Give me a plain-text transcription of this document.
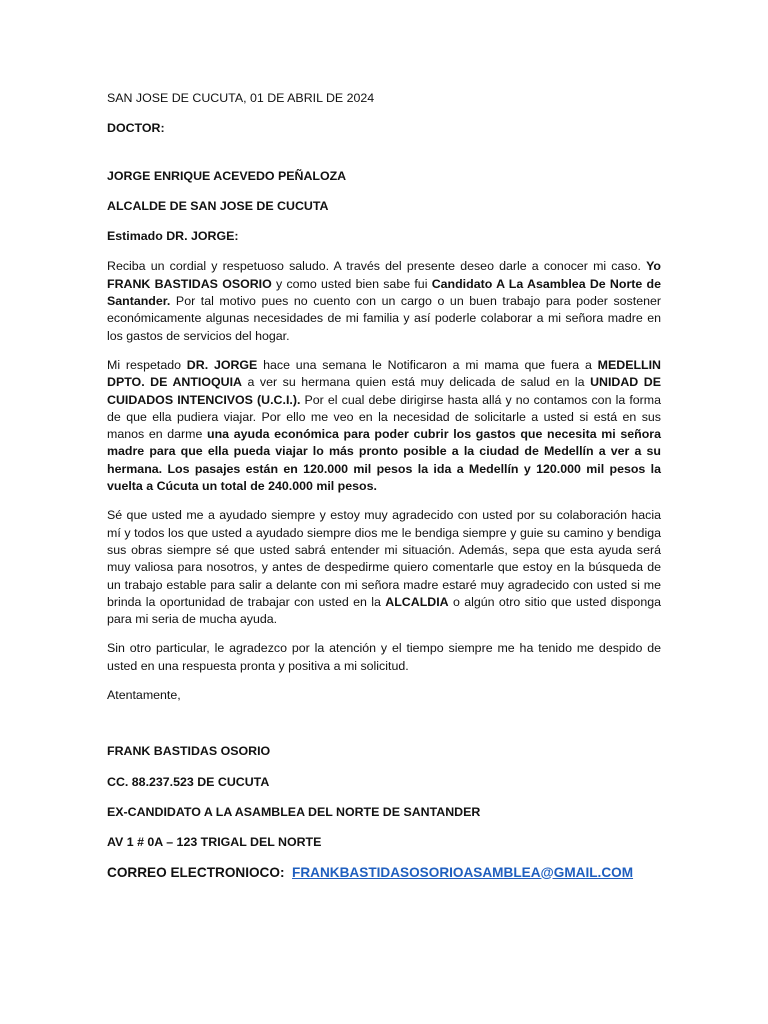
SAN JOSE DE CUCUTA, 01 DE ABRIL DE 2024

DOCTOR:

JORGE ENRIQUE ACEVEDO PEÑALOZA

ALCALDE DE SAN JOSE DE CUCUTA

Estimado DR. JORGE:

Reciba un cordial y respetuoso saludo. A través del presente deseo darle a conocer mi caso. Yo FRANK BASTIDAS OSORIO y como usted bien sabe fui Candidato A La Asamblea De Norte de Santander. Por tal motivo pues no cuento con un cargo o un buen trabajo para poder sostener económicamente algunas necesidades de mi familia y así poderle colaborar a mi señora madre en los gastos de servicios del hogar.

Mi respetado DR. JORGE hace una semana le Notificaron a mi mama que fuera a MEDELLIN DPTO. DE ANTIOQUIA a ver su hermana quien está muy delicada de salud en la UNIDAD DE CUIDADOS INTENCIVOS (U.C.I.). Por el cual debe dirigirse hasta allá y no contamos con la forma de que ella pudiera viajar. Por ello me veo en la necesidad de solicitarle a usted si está en sus manos en darme una ayuda económica para poder cubrir los gastos que necesita mi señora madre para que ella pueda viajar lo más pronto posible a la ciudad de Medellín a ver a su hermana. Los pasajes están en 120.000 mil pesos la ida a Medellín y 120.000 mil pesos la vuelta a Cúcuta un total de 240.000 mil pesos.

Sé que usted me a ayudado siempre y estoy muy agradecido con usted por su colaboración hacia mí y todos los que usted a ayudado siempre dios me le bendiga siempre y guie su camino y bendiga sus obras siempre sé que usted sabrá entender mi situación. Además, sepa que esta ayuda será muy valiosa para nosotros, y antes de despedirme quiero comentarle que estoy en la búsqueda de un trabajo estable para salir a delante con mi señora madre estaré muy agradecido con usted si me brinda la oportunidad de trabajar con usted en la ALCALDIA o algún otro sitio que usted disponga para mi seria de mucha ayuda.

Sin otro particular, le agradezco por la atención y el tiempo siempre me ha tenido me despido de usted en una respuesta pronta y positiva a mi solicitud.

Atentamente,

FRANK BASTIDAS OSORIO

CC. 88.237.523 DE CUCUTA

EX-CANDIDATO A LA ASAMBLEA DEL NORTE DE SANTANDER

AV 1 # 0A – 123 TRIGAL DEL NORTE

CORREO ELECTRONIOCO: FRANKBASTIDASOSORIOASAMBLEA@GMAIL.COM
